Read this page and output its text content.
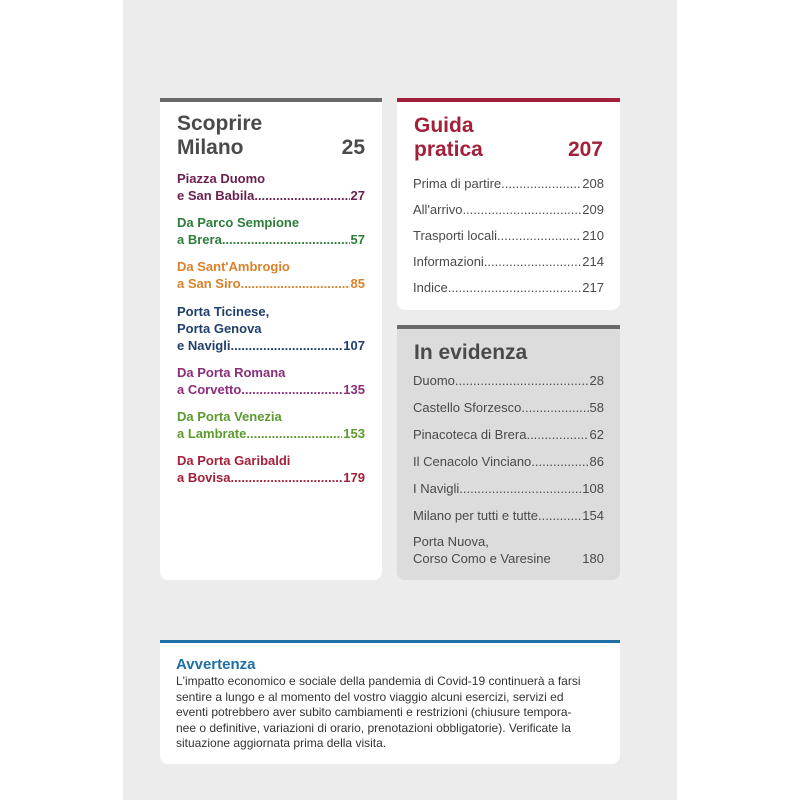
Scoprire
Milano	25
Piazza Duomo
e San Babila .....	27
Da Parco Sempione
a Brera .....	57
Da Sant'Ambrogio
a San Siro .....	85
Porta Ticinese,
Porta Genova
e Navigli .....	107
Da Porta Romana
a Corvetto .....	135
Da Porta Venezia
a Lambrate .....	153
Da Porta Garibaldi
a Bovisa .....	179
Guida
pratica	207
Prima di partire .....	208
All'arrivo .....	209
Trasporti locali .....	210
Informazioni .....	214
Indice .....	217
In evidenza
Duomo .....	28
Castello Sforzesco .....	58
Pinacoteca di Brera .....	62
Il Cenacolo Vinciano .....	86
I Navigli .....	108
Milano per tutti e tutte .....	154
Porta Nuova,
Corso Como e Varesine 180
Avvertenza
L'impatto economico e sociale della pandemia di Covid-19 continuerà a farsi
sentire a lungo e al momento del vostro viaggio alcuni esercizi, servizi ed
eventi potrebbero aver subito cambiamenti e restrizioni (chiusure tempora-
nee o definitive, variazioni di orario, prenotazioni obbligatorie). Verificate la
situazione aggiornata prima della visita.
